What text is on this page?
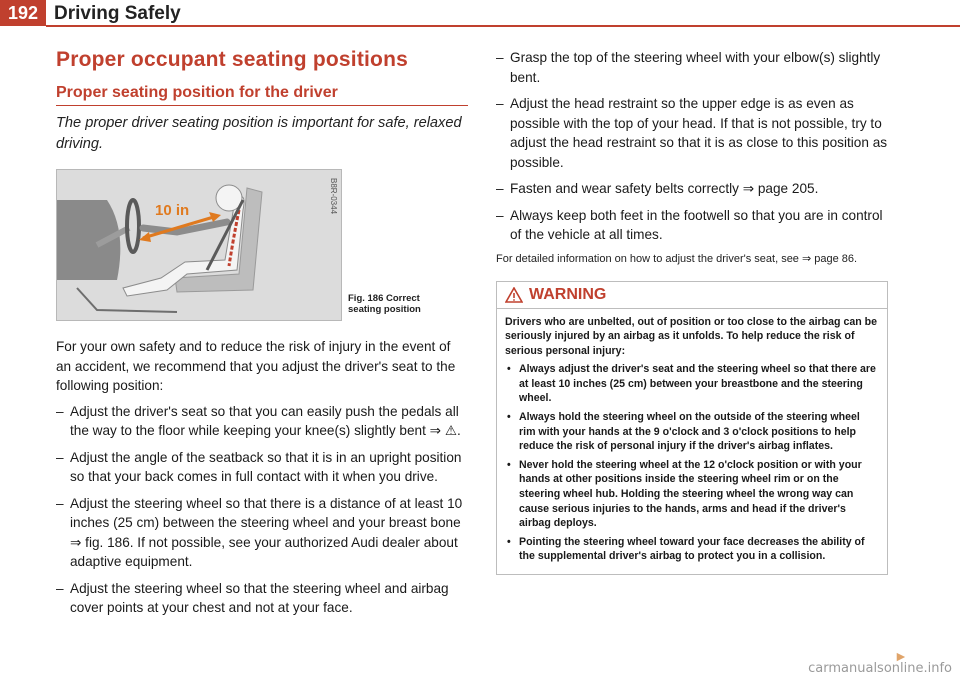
192 Driving Safely
Proper occupant seating positions
Proper seating position for the driver

The proper driver seating position is important for safe, relaxed driving.

10 in	B8R-0344
Fig. 186 Correct
seating position

For your own safety and to reduce the risk of injury in the event of an accident, we recommend that you adjust the driver's seat to the following position:

– Adjust the driver's seat so that you can easily push the pedals all the way to the floor while keeping your knee(s) slightly bent ⇒ ⚠.
– Adjust the angle of the seatback so that it is in an upright position so that your back comes in full contact with it when you drive.
– Adjust the steering wheel so that there is a distance of at least 10 inches (25 cm) between the steering wheel and your breast bone ⇒ fig. 186. If not possible, see your authorized Audi dealer about adaptive equipment.
– Adjust the steering wheel so that the steering wheel and airbag cover points at your chest and not at your face.
– Grasp the top of the steering wheel with your elbow(s) slightly bent.
– Adjust the head restraint so the upper edge is as even as possible with the top of your head. If that is not possible, try to adjust the head restraint so that it is as close to this position as possible.
– Fasten and wear safety belts correctly ⇒ page 205.
– Always keep both feet in the footwell so that you are in control of the vehicle at all times.

For detailed information on how to adjust the driver's seat, see ⇒ page 86.

WARNING

Drivers who are unbelted, out of position or too close to the airbag can be seriously injured by an airbag as it unfolds. To help reduce the risk of serious personal injury:

• Always adjust the driver's seat and the steering wheel so that there are at least 10 inches (25 cm) between your breastbone and the steering wheel.

• Always hold the steering wheel on the outside of the steering wheel rim with your hands at the 9 o'clock and 3 o'clock positions to help reduce the risk of personal injury if the driver's airbag inflates.

• Never hold the steering wheel at the 12 o'clock position or with your hands at other positions inside the steering wheel rim or on the steering wheel hub. Holding the steering wheel the wrong way can cause serious injuries to the hands, arms and head if the driver's airbag deploys.

• Pointing the steering wheel toward your face decreases the ability of the supplemental driver's airbag to protect you in a collision.

►
carmanualsonline.info
